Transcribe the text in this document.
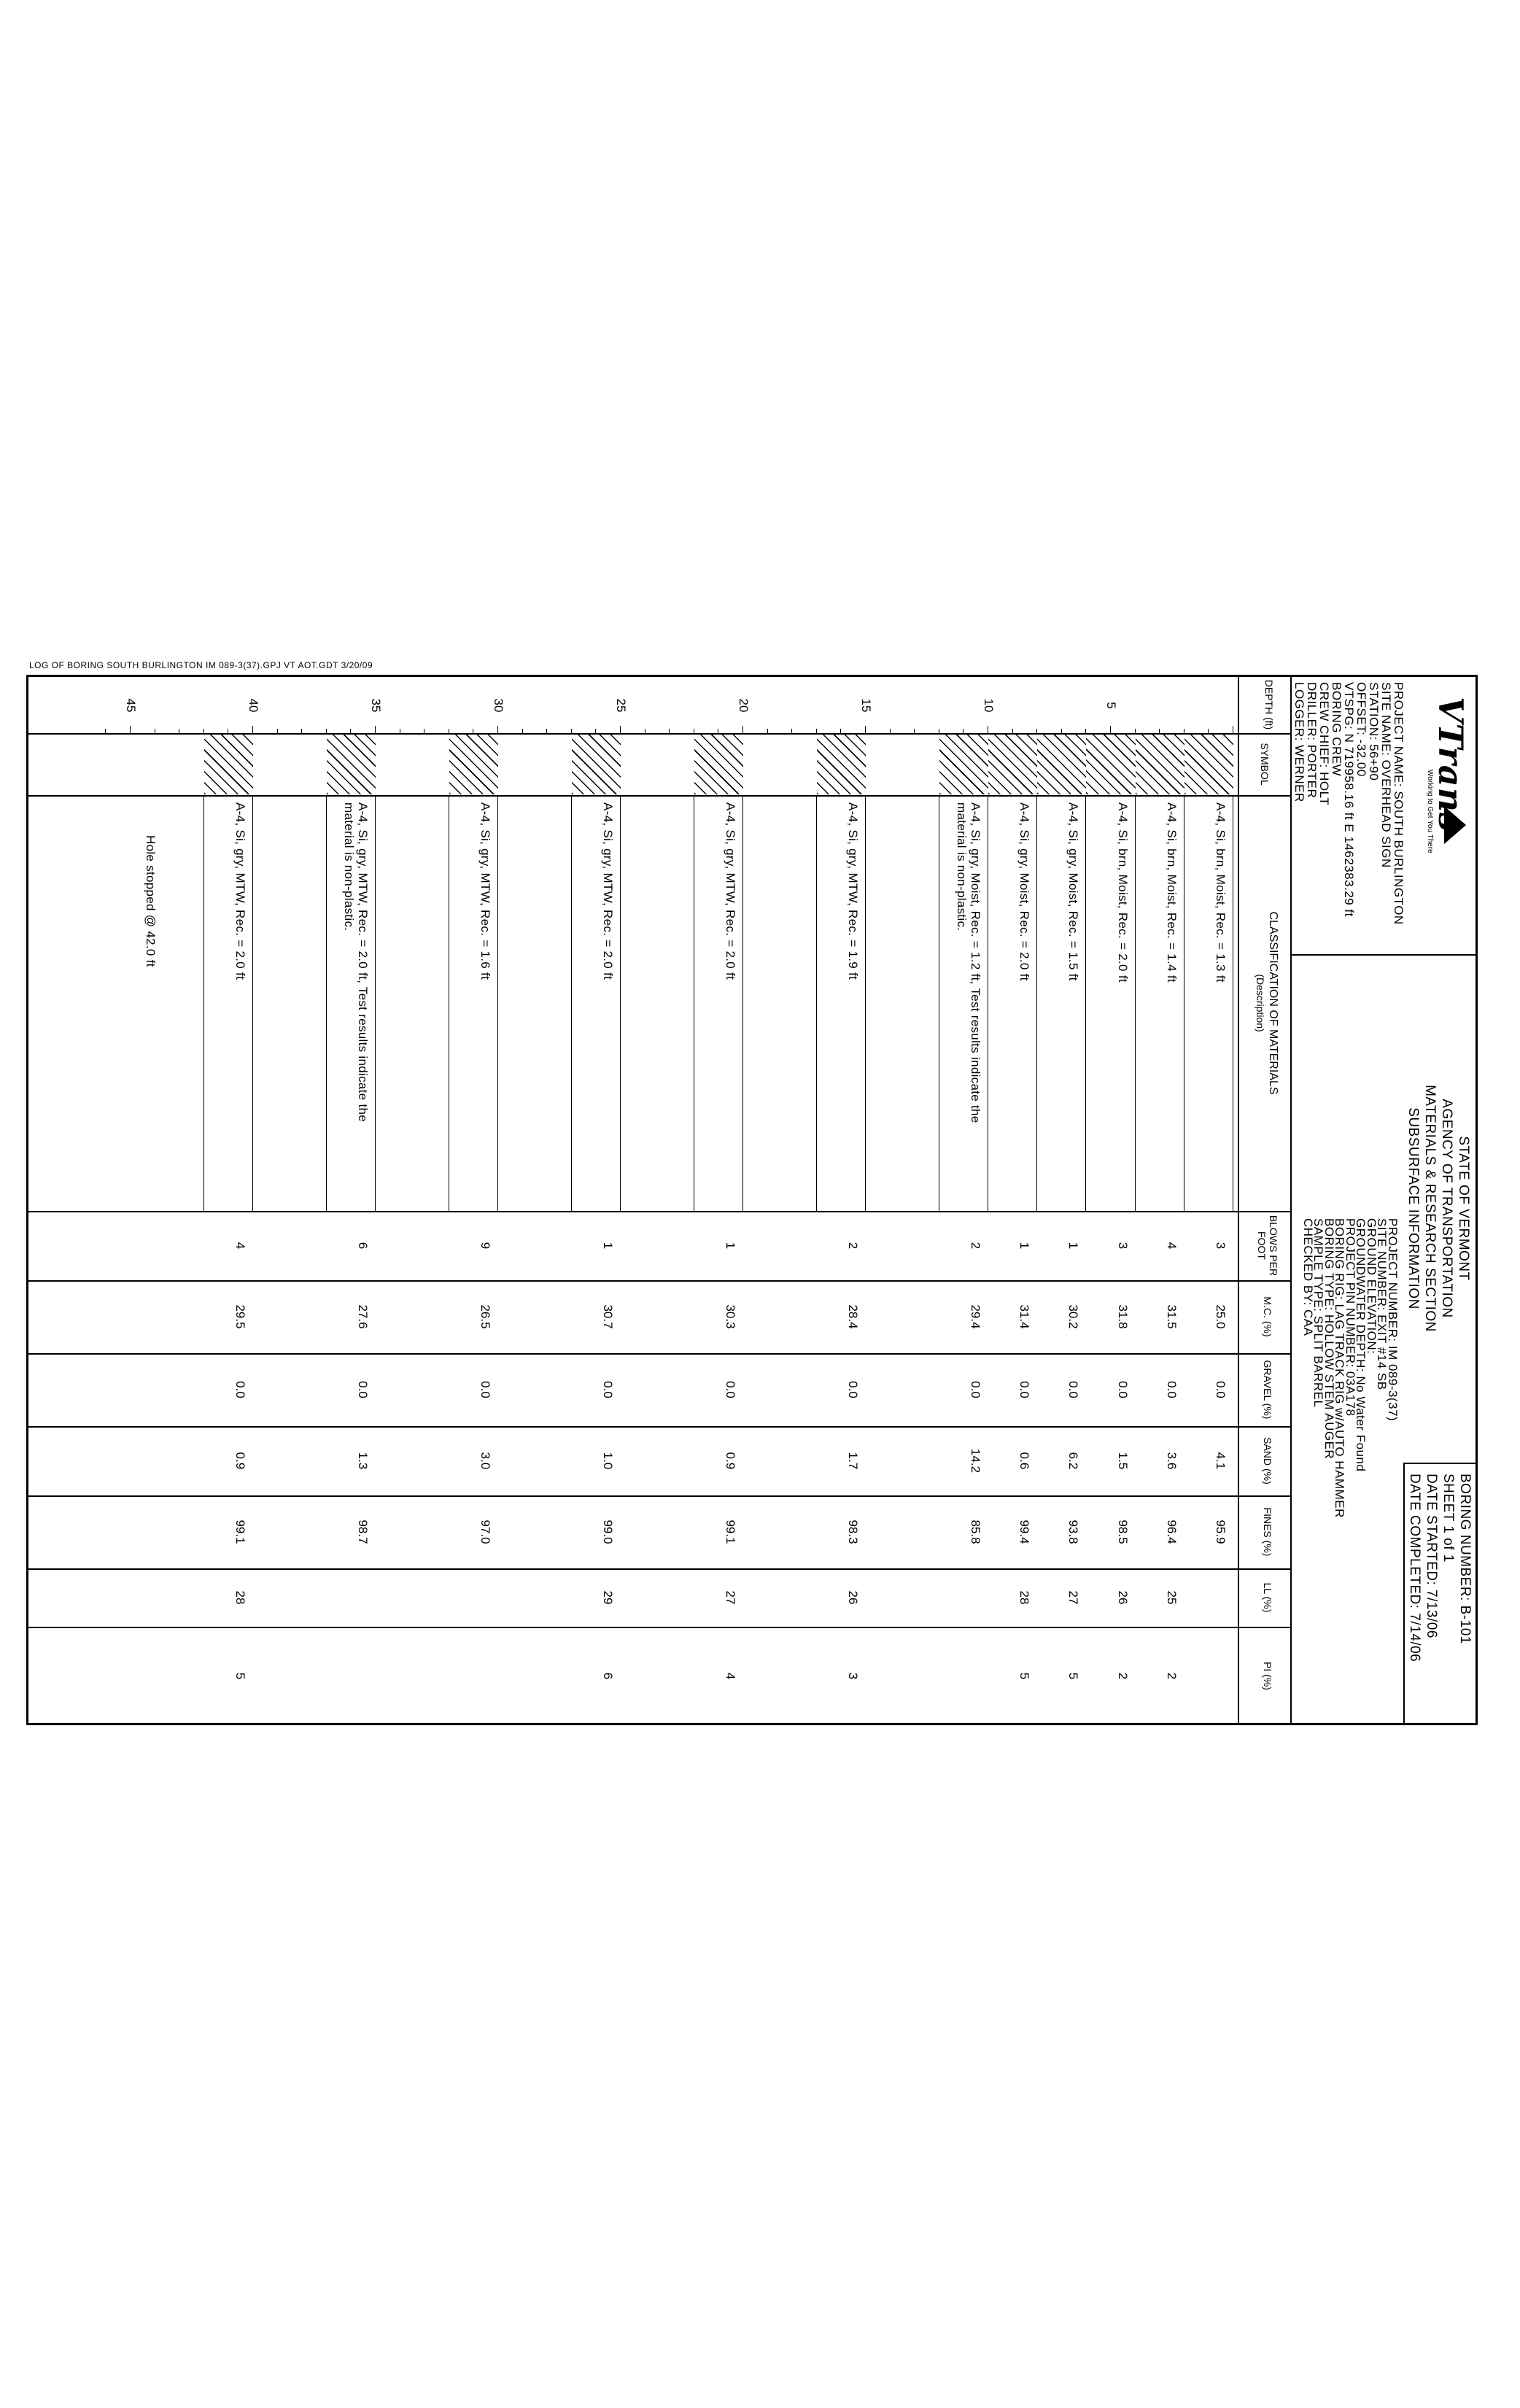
LOG OF BORING SOUTH BURLINGTON IM 089-3(37).GPJ VT AOT.GDT 3/20/09
VTrans
Working to Get You There
STATE OF VERMONT
AGENCY OF TRANSPORTATION
MATERIALS & RESEARCH SECTION
SUBSURFACE INFORMATION
BORING NUMBER: B-101
SHEET 1 of 1
DATE STARTED: 7/13/06
DATE COMPLETED: 7/14/06
PROJECT NAME: SOUTH BURLINGTON
SITE NAME: OVERHEAD SIGN
STATION: 56+90
OFFSET: -32.00
VTSPG: N 719958.16 ft E 1462383.29 ft
BORING CREW
CREW CHIEF: HOLT
DRILLER: PORTER
LOGGER: WERNER
PROJECT NUMBER: IM 089-3(37)
SITE NUMBER: EXIT #14 SB
GROUND ELEVATION:
GROUNDWATER DEPTH: No Water Found
PROJECT PIN NUMBER: 03A178
BORING RIG: LAG TRACK RIG w/AUTO HAMMER
BORING TYPE: HOLLOW STEM AUGER
SAMPLE TYPE: SPLIT BARREL
CHECKED BY: CAA
DEPTH (ft)
SYMBOL
CLASSIFICATION OF MATERIALS
(Description)
BLOWS PER FOOT
M.C. (%)
GRAVEL (%)
SAND (%)
FINES (%)
LL (%)
PI (%)
5
10
15
20
25
30
35
40
45
A-4, Si, brn, Moist, Rec. = 1.3 ft
3
25.0
0.0
4.1
95.9
A-4, Si, brn, Moist, Rec. = 1.4 ft
4
31.5
0.0
3.6
96.4
25
2
A-4, Si, brn, Moist, Rec. = 2.0 ft
3
31.8
0.0
1.5
98.5
26
2
A-4, Si, gry, Moist, Rec. = 1.5 ft
1
30.2
0.0
6.2
93.8
27
5
A-4, Si, gry, Moist, Rec. = 2.0 ft
1
31.4
0.0
0.6
99.4
28
5
A-4, Si, gry, Moist, Rec. = 1.2 ft, Test results indicate the
material is non-plastic.
2
29.4
0.0
14.2
85.8
A-4, Si, gry, MTW, Rec. = 1.9 ft
2
28.4
0.0
1.7
98.3
26
3
A-4, Si, gry, MTW, Rec. = 2.0 ft
1
30.3
0.0
0.9
99.1
27
4
A-4, Si, gry, MTW, Rec. = 2.0 ft
1
30.7
0.0
1.0
99.0
29
6
A-4, Si, gry, MTW, Rec. = 1.6 ft
9
26.5
0.0
3.0
97.0
A-4, Si, gry, MTW, Rec. = 2.0 ft, Test results indicate the
material is non-plastic.
6
27.6
0.0
1.3
98.7
A-4, Si, gry, MTW, Rec. = 2.0 ft
4
29.5
0.0
0.9
99.1
28
5
Hole stopped @ 42.0 ft
